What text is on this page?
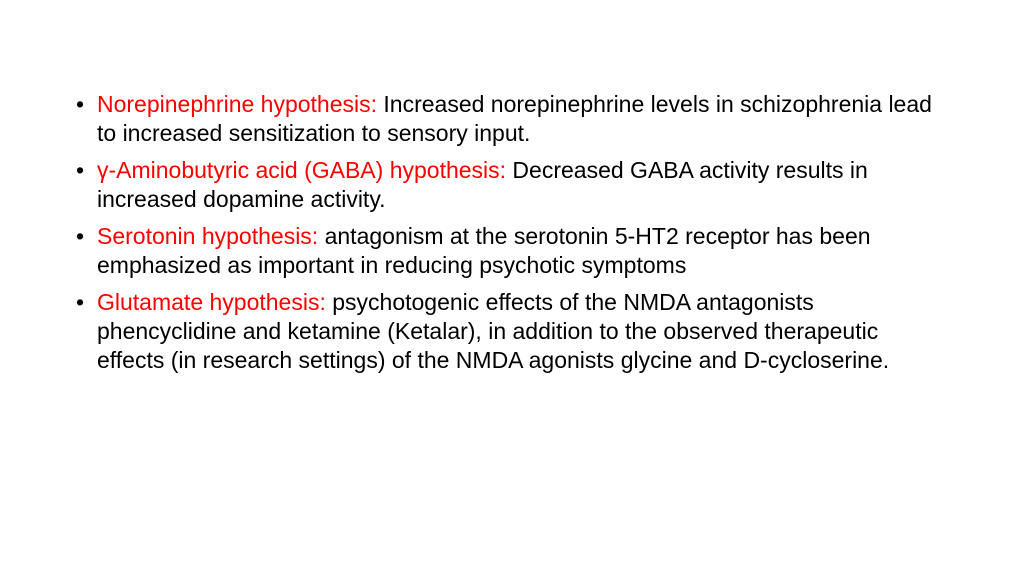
• Norepinephrine hypothesis: Increased norepinephrine levels in schizophrenia lead to increased sensitization to sensory input.
• γ-Aminobutyric acid (GABA) hypothesis: Decreased GABA activity results in increased dopamine activity.
• Serotonin hypothesis: antagonism at the serotonin 5-HT2 receptor has been emphasized as important in reducing psychotic symptoms
• Glutamate hypothesis: psychotogenic effects of the NMDA antagonists phencyclidine and ketamine (Ketalar), in addition to the observed therapeutic effects (in research settings) of the NMDA agonists glycine and D-cycloserine.
